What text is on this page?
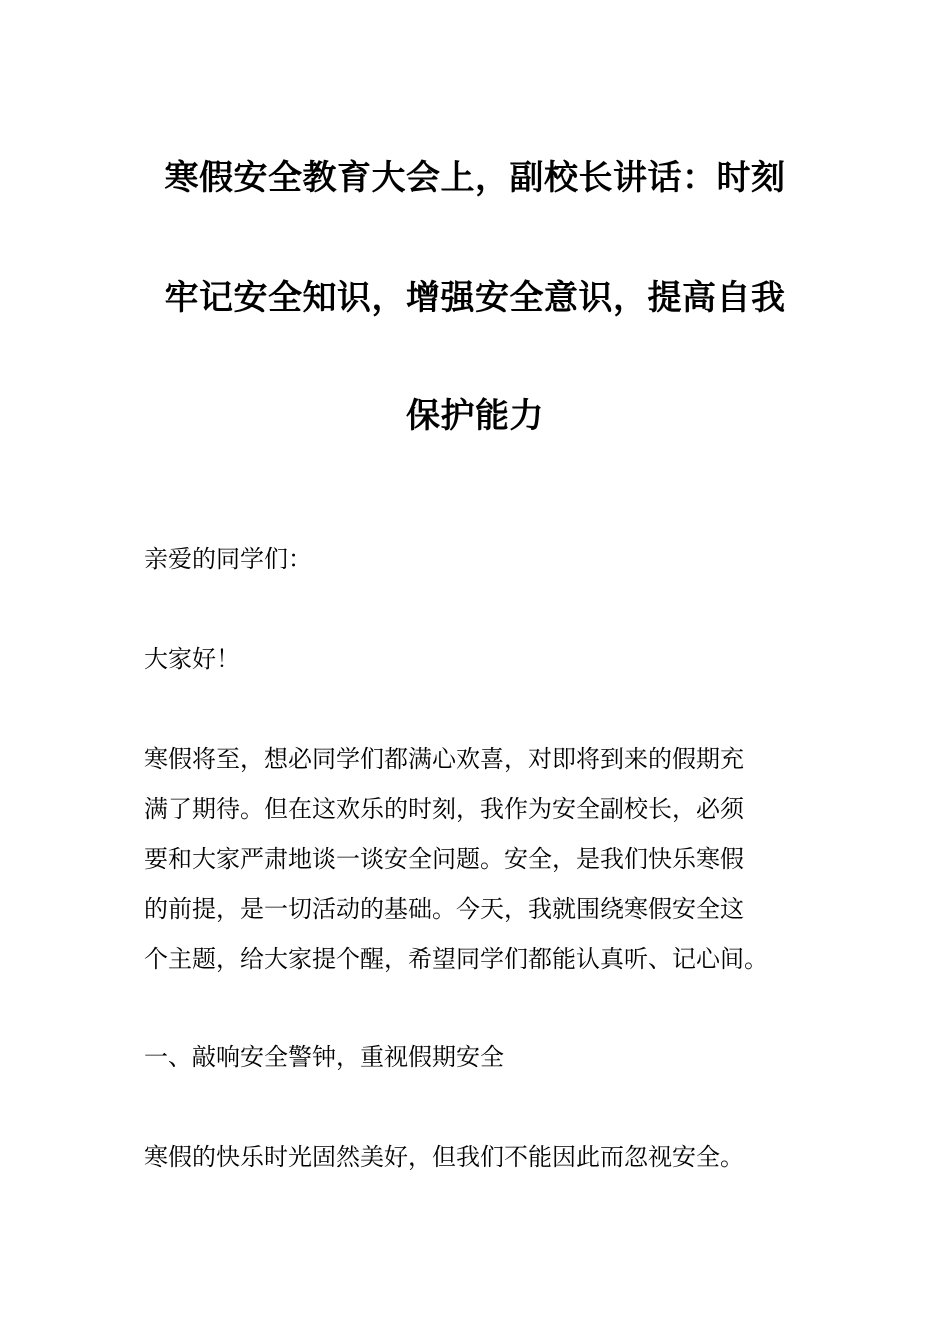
寒假安全教育大会上，副校长讲话：时刻
牢记安全知识，增强安全意识，提高自我
保护能力
亲爱的同学们：
大家好！
寒假将至，想必同学们都满心欢喜，对即将到来的假期充
满了期待。但在这欢乐的时刻，我作为安全副校长，必须
要和大家严肃地谈一谈安全问题。安全，是我们快乐寒假
的前提，是一切活动的基础。今天，我就围绕寒假安全这
个主题，给大家提个醒，希望同学们都能认真听、记心间。
一、敲响安全警钟，重视假期安全
寒假的快乐时光固然美好，但我们不能因此而忽视安全。
